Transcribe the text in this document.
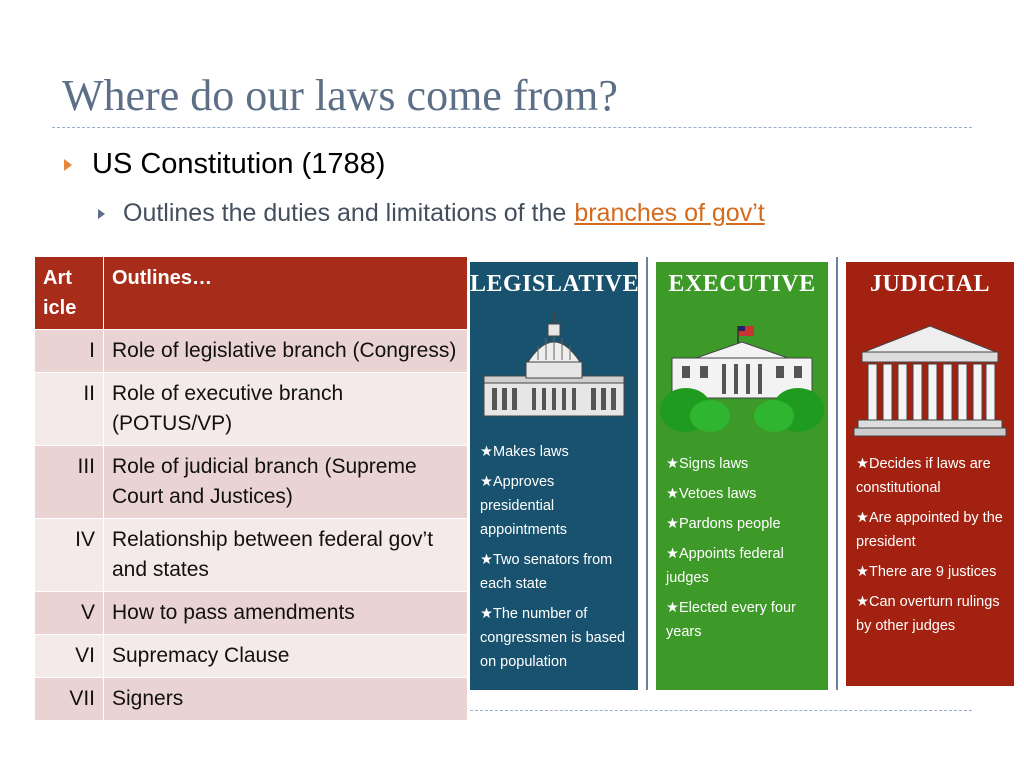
Where do our laws come from?
US Constitution (1788)
Outlines the duties and limitations of the branches of gov’t
Art icle	Outlines…
I	Role of legislative branch (Congress)
II	Role of executive branch (POTUS/VP)
III	Role of judicial branch (Supreme Court and Justices)
IV	Relationship between federal gov’t and states
V	How to pass amendments
VI	Supremacy Clause
VII	Signers
LEGISLATIVE
★Makes laws
★Approves presidential appointments
★Two senators from each state
★The number of congressmen is based on population
EXECUTIVE
★Signs laws
★Vetoes laws
★Pardons people
★Appoints federal judges
★Elected every four years
JUDICIAL
★Decides if laws are constitutional
★Are appointed by the president
★There are 9 justices
★Can overturn rulings by other judges
